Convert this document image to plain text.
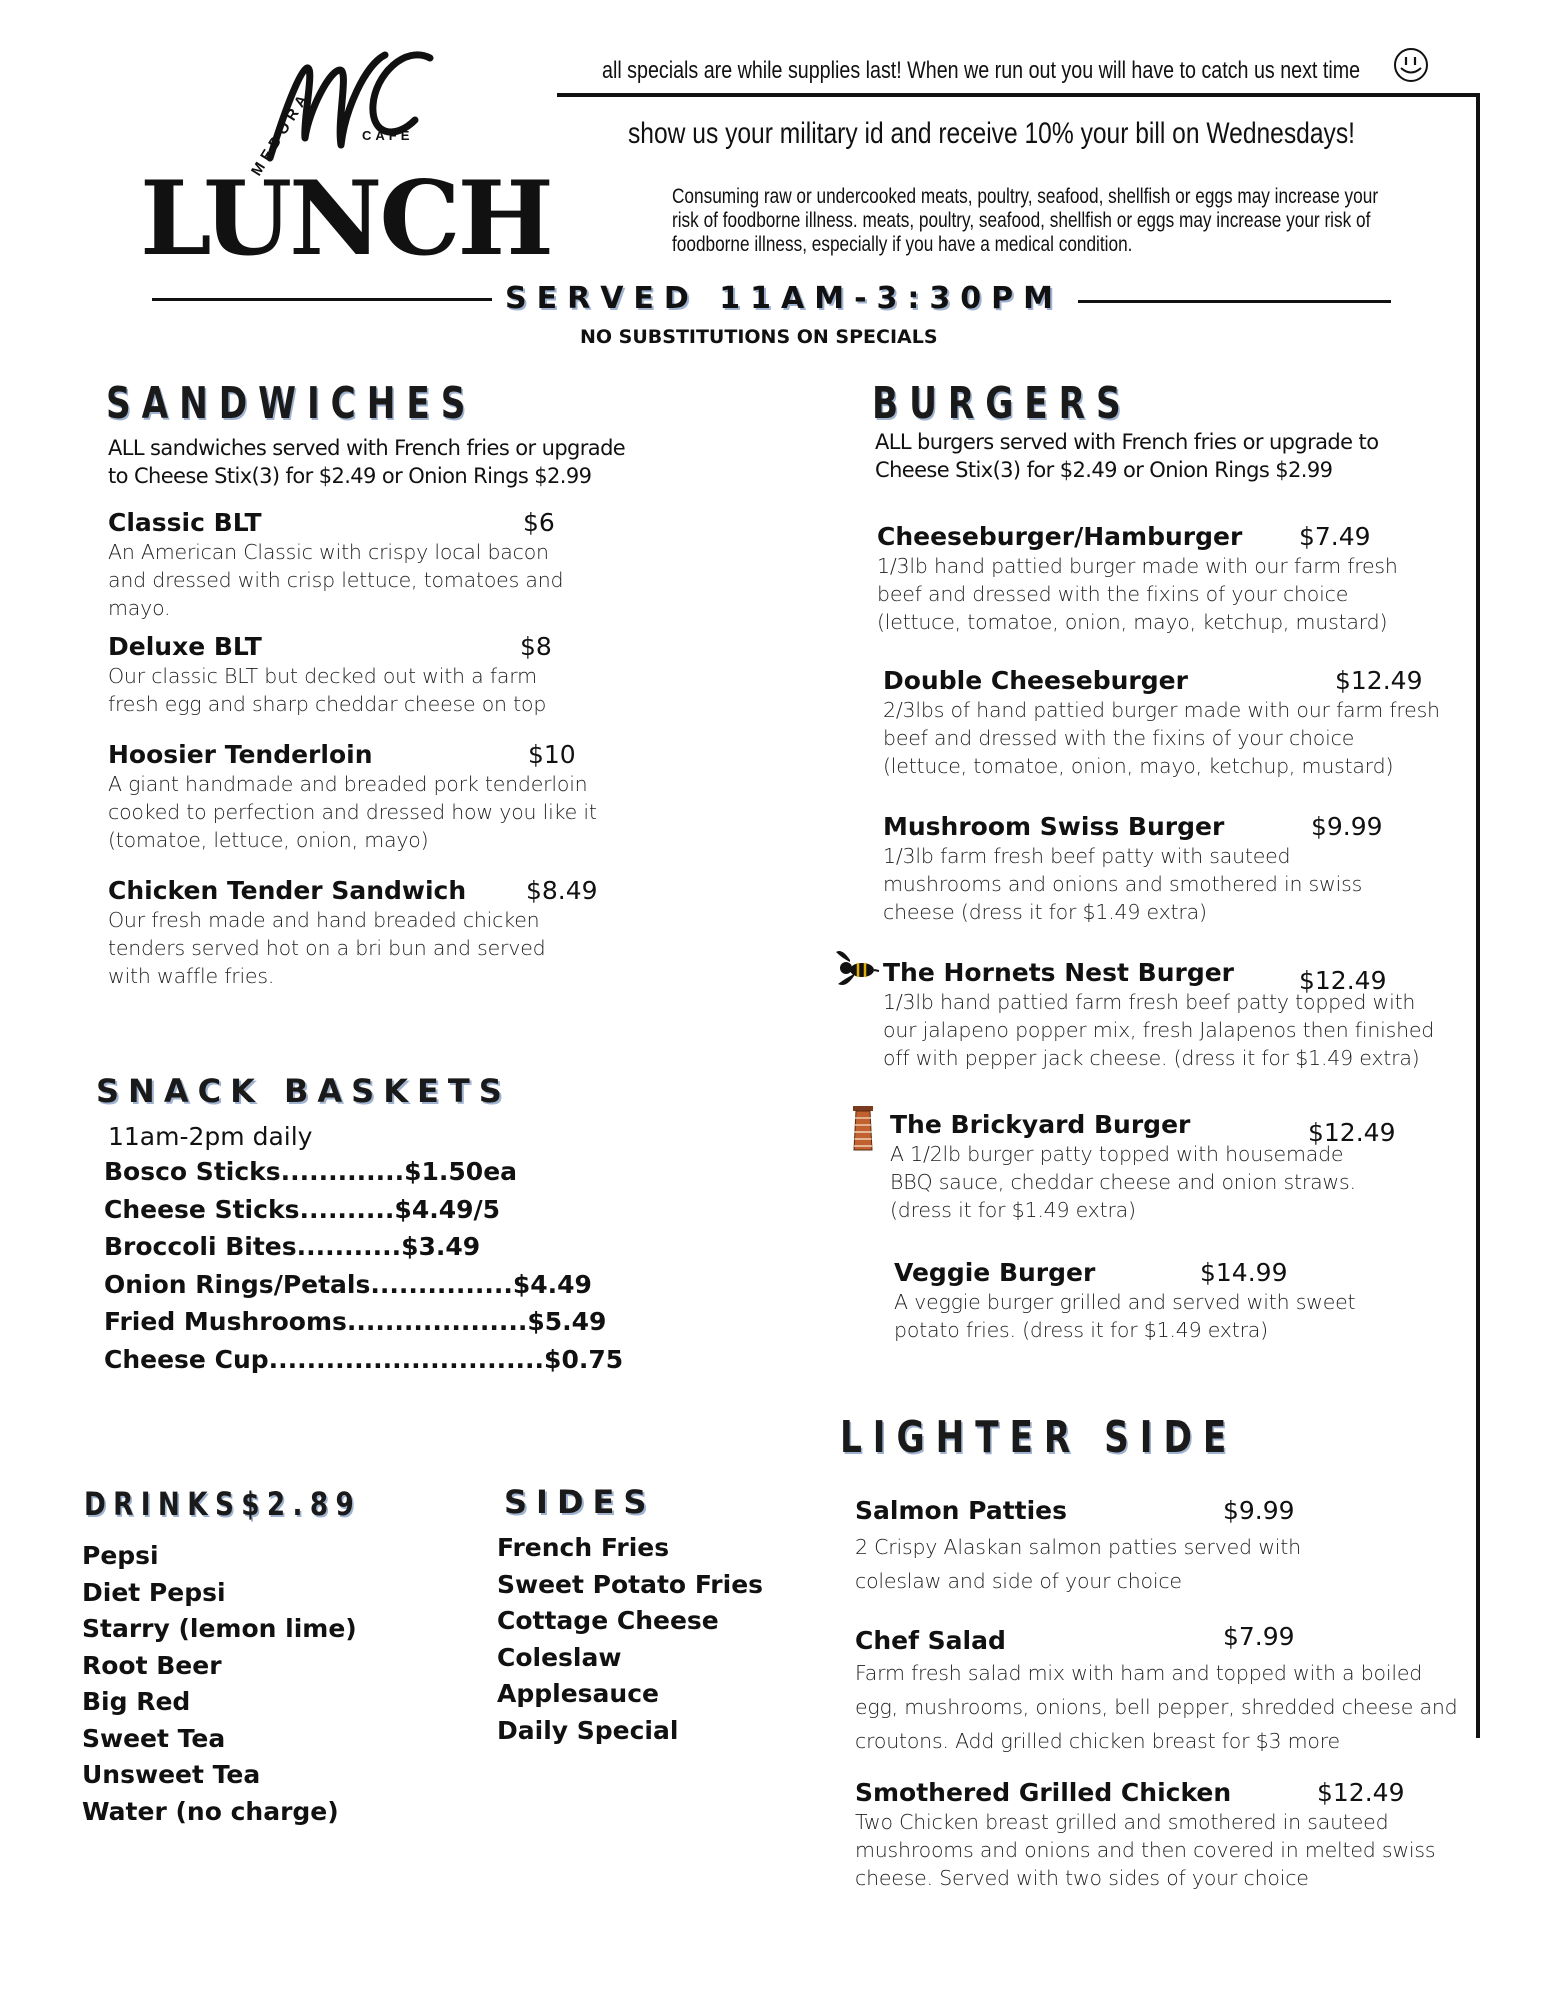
MEDORA	CAFE
LUNCH
all specials are while supplies last! When we run out you will have to catch us next time
show us your military id and receive 10% your bill on Wednesdays!
Consuming raw or undercooked meats, poultry, seafood, shellfish or eggs may increase your
risk of foodborne illness. meats, poultry, seafood, shellfish or eggs may increase your risk of
foodborne illness, especially if you have a medical condition.
SERVED 11AM-3:30PM
NO SUBSTITUTIONS ON SPECIALS
SANDWICHES
ALL sandwiches served with French fries or upgrade
to Cheese Stix(3) for $2.49 or Onion Rings $2.99
Classic BLT	$6
An American Classic with crispy local bacon and dressed with crisp lettuce, tomatoes and mayo.
Deluxe BLT	$8
Our classic BLT but decked out with a farm fresh egg and sharp cheddar cheese on top
Hoosier Tenderloin	$10
A giant handmade and breaded pork tenderloin cooked to perfection and dressed how you like it (tomatoe, lettuce, onion, mayo)
Chicken Tender Sandwich $8.49
Our fresh made and hand breaded chicken tenders served hot on a bri bun and served with waffle fries.
SNACK BASKETS
11am-2pm daily
Bosco Sticks.............$1.50ea
Cheese Sticks..........$4.49/5
Broccoli Bites...........$3.49
Onion Rings/Petals...............$4.49
Fried Mushrooms...................$5.49
Cheese Cup.............................$0.75
DRINKS$2.89
Pepsi
Diet Pepsi
Starry (lemon lime)
Root Beer
Big Red
Sweet Tea
Unsweet Tea
Water (no charge)
SIDES
French Fries
Sweet Potato Fries
Cottage Cheese
Coleslaw
Applesauce
Daily Special
BURGERS
ALL burgers served with French fries or upgrade to
Cheese Stix(3) for $2.49 or Onion Rings $2.99
Cheeseburger/Hamburger $7.49
1/3lb hand pattied burger made with our farm fresh beef and dressed with the fixins of your choice (lettuce, tomatoe, onion, mayo, ketchup, mustard)
Double Cheeseburger	$12.49
2/3lbs of hand pattied burger made with our farm fresh beef and dressed with the fixins of your choice (lettuce, tomatoe, onion, mayo, ketchup, mustard)
Mushroom Swiss Burger	$9.99
1/3lb farm fresh beef patty with sauteed mushrooms and onions and smothered in swiss cheese (dress it for $1.49 extra)
The Hornets Nest Burger	$12.49
1/3lb hand pattied farm fresh beef patty topped with our jalapeno popper mix, fresh Jalapenos then finished off with pepper jack cheese. (dress it for $1.49 extra)
The Brickyard Burger	$12.49
A 1/2lb burger patty topped with housemade BBQ sauce, cheddar cheese and onion straws. (dress it for $1.49 extra)
Veggie Burger	$14.99
A veggie burger grilled and served with sweet potato fries. (dress it for $1.49 extra)
LIGHTER SIDE
Salmon Patties	$9.99
2 Crispy Alaskan salmon patties served with coleslaw and side of your choice
Chef Salad	$7.99
Farm fresh salad mix with ham and topped with a boiled egg, mushrooms, onions, bell pepper, shredded cheese and croutons. Add grilled chicken breast for $3 more
Smothered Grilled Chicken	$12.49
Two Chicken breast grilled and smothered in sauteed mushrooms and onions and then covered in melted swiss cheese. Served with two sides of your choice
